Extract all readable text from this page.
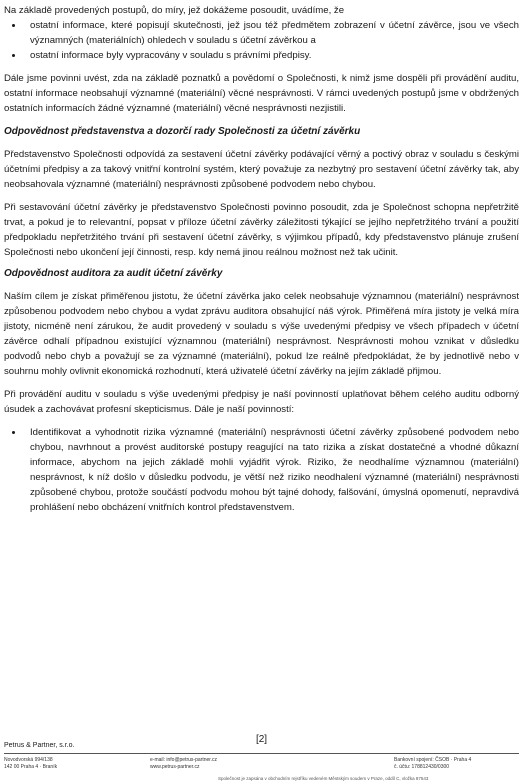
Na základě provedených postupů, do míry, jež dokážeme posoudit, uvádíme, že

ostatní informace, které popisují skutečnosti, jež jsou též předmětem zobrazení v účetní závěrce, jsou ve všech významných (materiálních) ohledech v souladu s účetní závěrkou a
ostatní informace byly vypracovány v souladu s právními předpisy.

Dále jsme povinni uvést, zda na základě poznatků a povědomí o Společnosti, k nimž jsme dospěli při provádění auditu, ostatní informace neobsahují významné (materiální) věcné nesprávnosti. V rámci uvedených postupů jsme v obdržených ostatních informacích žádné významné (materiální) věcné nesprávnosti nezjistili.

Odpovědnost představenstva a dozorčí rady Společnosti za účetní závěrku

Představenstvo Společnosti odpovídá za sestavení účetní závěrky podávající věrný a poctivý obraz v souladu s českými účetními předpisy a za takový vnitřní kontrolní systém, který považuje za nezbytný pro sestavení účetní závěrky tak, aby neobsahovala významné (materiální) nesprávnosti způsobené podvodem nebo chybou.

Při sestavování účetní závěrky je představenstvo Společnosti povinno posoudit, zda je Společnost schopna nepřetržitě trvat, a pokud je to relevantní, popsat v příloze účetní závěrky záležitosti týkající se jejího nepřetržitého trvání a použití předpokladu nepřetržitého trvání při sestavení účetní závěrky, s výjimkou případů, kdy představenstvo plánuje zrušení Společnosti nebo ukončení její činnosti, resp. kdy nemá jinou reálnou možnost než tak učinit.

Odpovědnost auditora za audit účetní závěrky

Naším cílem je získat přiměřenou jistotu, že účetní závěrka jako celek neobsahuje významnou (materiální) nesprávnost způsobenou podvodem nebo chybou a vydat zprávu auditora obsahující náš výrok. Přiměřená míra jistoty je velká míra jistoty, nicméně není zárukou, že audit provedený v souladu s výše uvedenými předpisy ve všech případech v účetní závěrce odhalí případnou existující významnou (materiální) nesprávnost. Nesprávnosti mohou vznikat v důsledku podvodů nebo chyb a považují se za významné (materiální), pokud lze reálně předpokládat, že by jednotlivě nebo v souhrnu mohly ovlivnit ekonomická rozhodnutí, která uživatelé účetní závěrky na jejím základě přijmou.

Při provádění auditu v souladu s výše uvedenými předpisy je naší povinností uplatňovat během celého auditu odborný úsudek a zachovávat profesní skepticismus. Dále je naší povinností:

Identifikovat a vyhodnotit rizika významné (materiální) nesprávnosti účetní závěrky způsobené podvodem nebo chybou, navrhnout a provést auditorské postupy reagující na tato rizika a získat dostatečné a vhodné důkazní informace, abychom na jejich základě mohli vyjádřit výrok. Riziko, že neodhalíme významnou (materiální) nesprávnost, k níž došlo v důsledku podvodu, je větší než riziko neodhalení významné (materiální) nesprávnosti způsobené chybou, protože součástí podvodu mohou být tajné dohody, falšování, úmyslná opomenutí, nepravdivá prohlášení nebo obcházení vnitřních kontrol představenstvem.
[2]
Petrus & Partner, s.r.o.
Novodvorská 994/138
142 00 Praha 4 · Braník
e-mail: info@petrus-partner.cz
www.petrus-partner.cz
Bankovní spojení: ČSOB · Praha 4
č. účtu: 178812430/0300
Společnost je zapsána v obchodním rejstříku vedeném Městským soudem v Praze, oddíl C, vložka 87543
